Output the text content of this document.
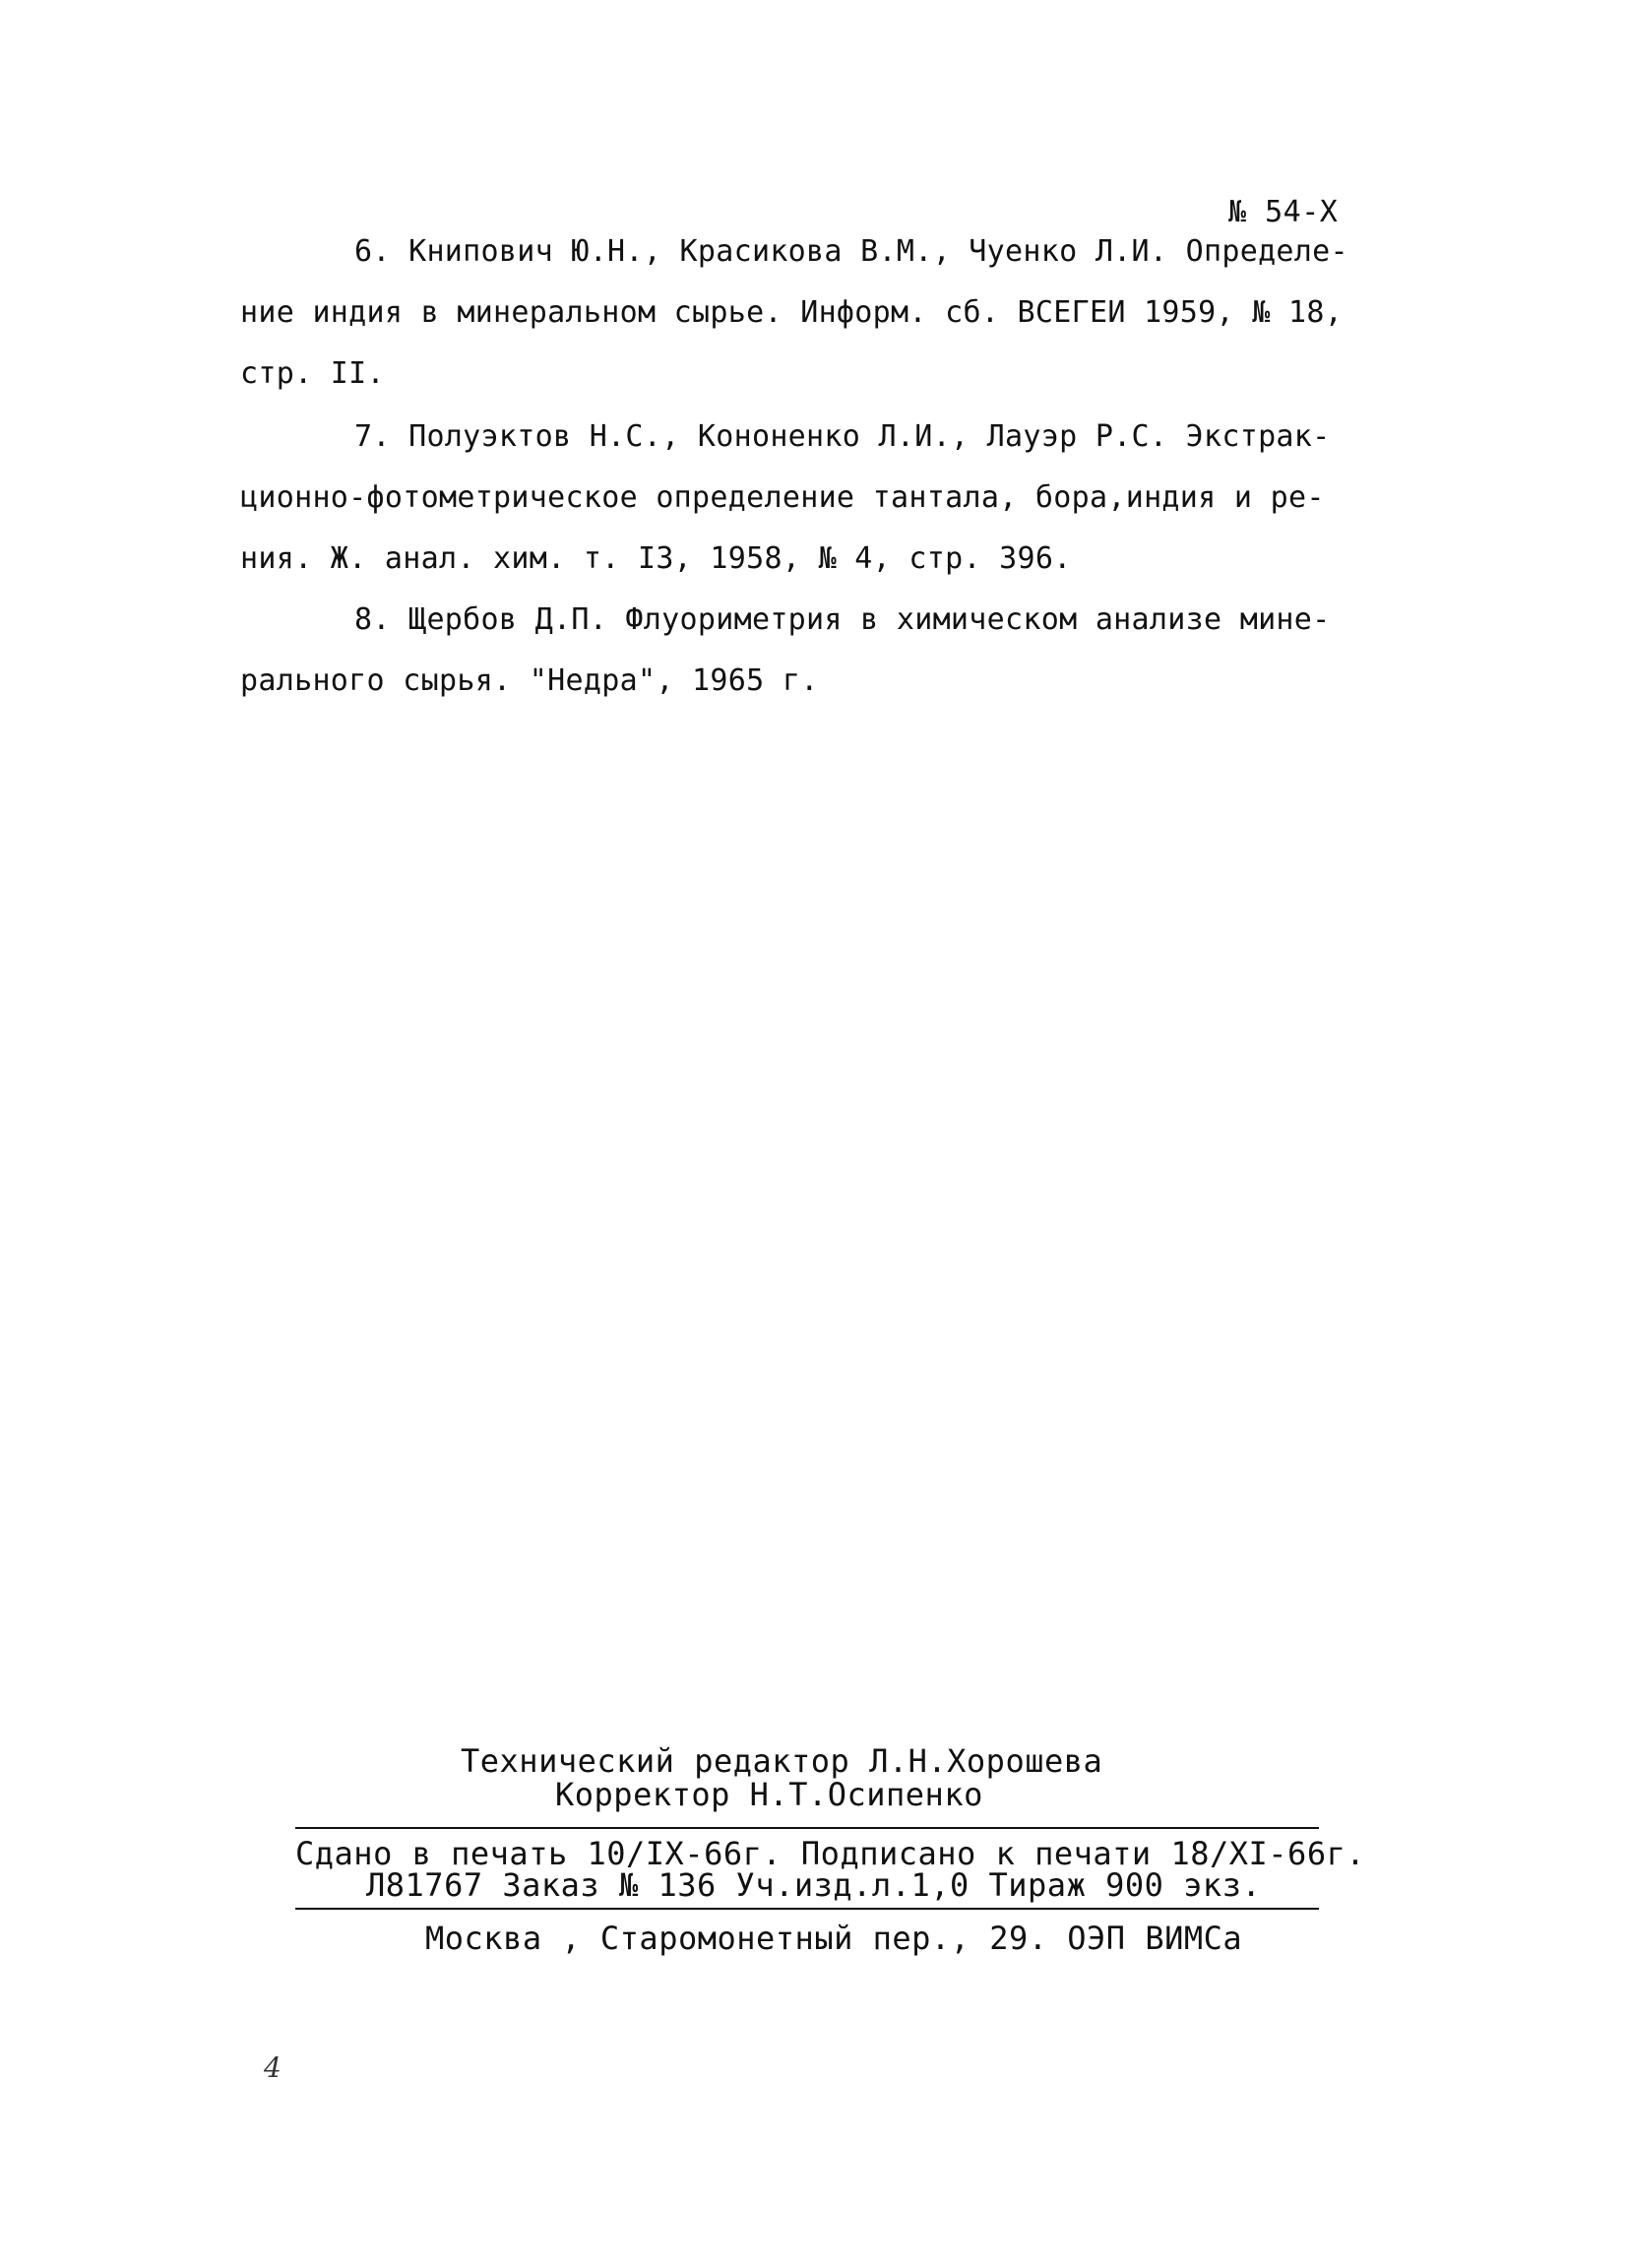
№ 54-Х
6. Книпович Ю.Н., Красикова В.М., Чуенко Л.И. Определе-
ние индия в минеральном сырье. Информ. сб. ВСЕГЕИ 1959, № 18,
стр. II.
7. Полуэктов Н.С., Кононенко Л.И., Лауэр Р.С. Экстрак-
ционно-фотометрическое определение тантала, бора,индия и ре-
ния. Ж. анал. хим. т. I3, 1958, № 4, стр. 396.
8. Щербов Д.П. Флуориметрия в химическом анализе мине-
рального сырья. "Недра", 1965 г.
Технический редактор Л.Н.Хорошева
Корректор Н.Т.Осипенко
Сдано в печать 10/IX-66г. Подписано к печати 18/XI-66г.
Л81767 Заказ № 136 Уч.изд.л.1,0 Тираж 900 экз.
Москва , Старомонетный пер., 29. ОЭП ВИМСа
4
